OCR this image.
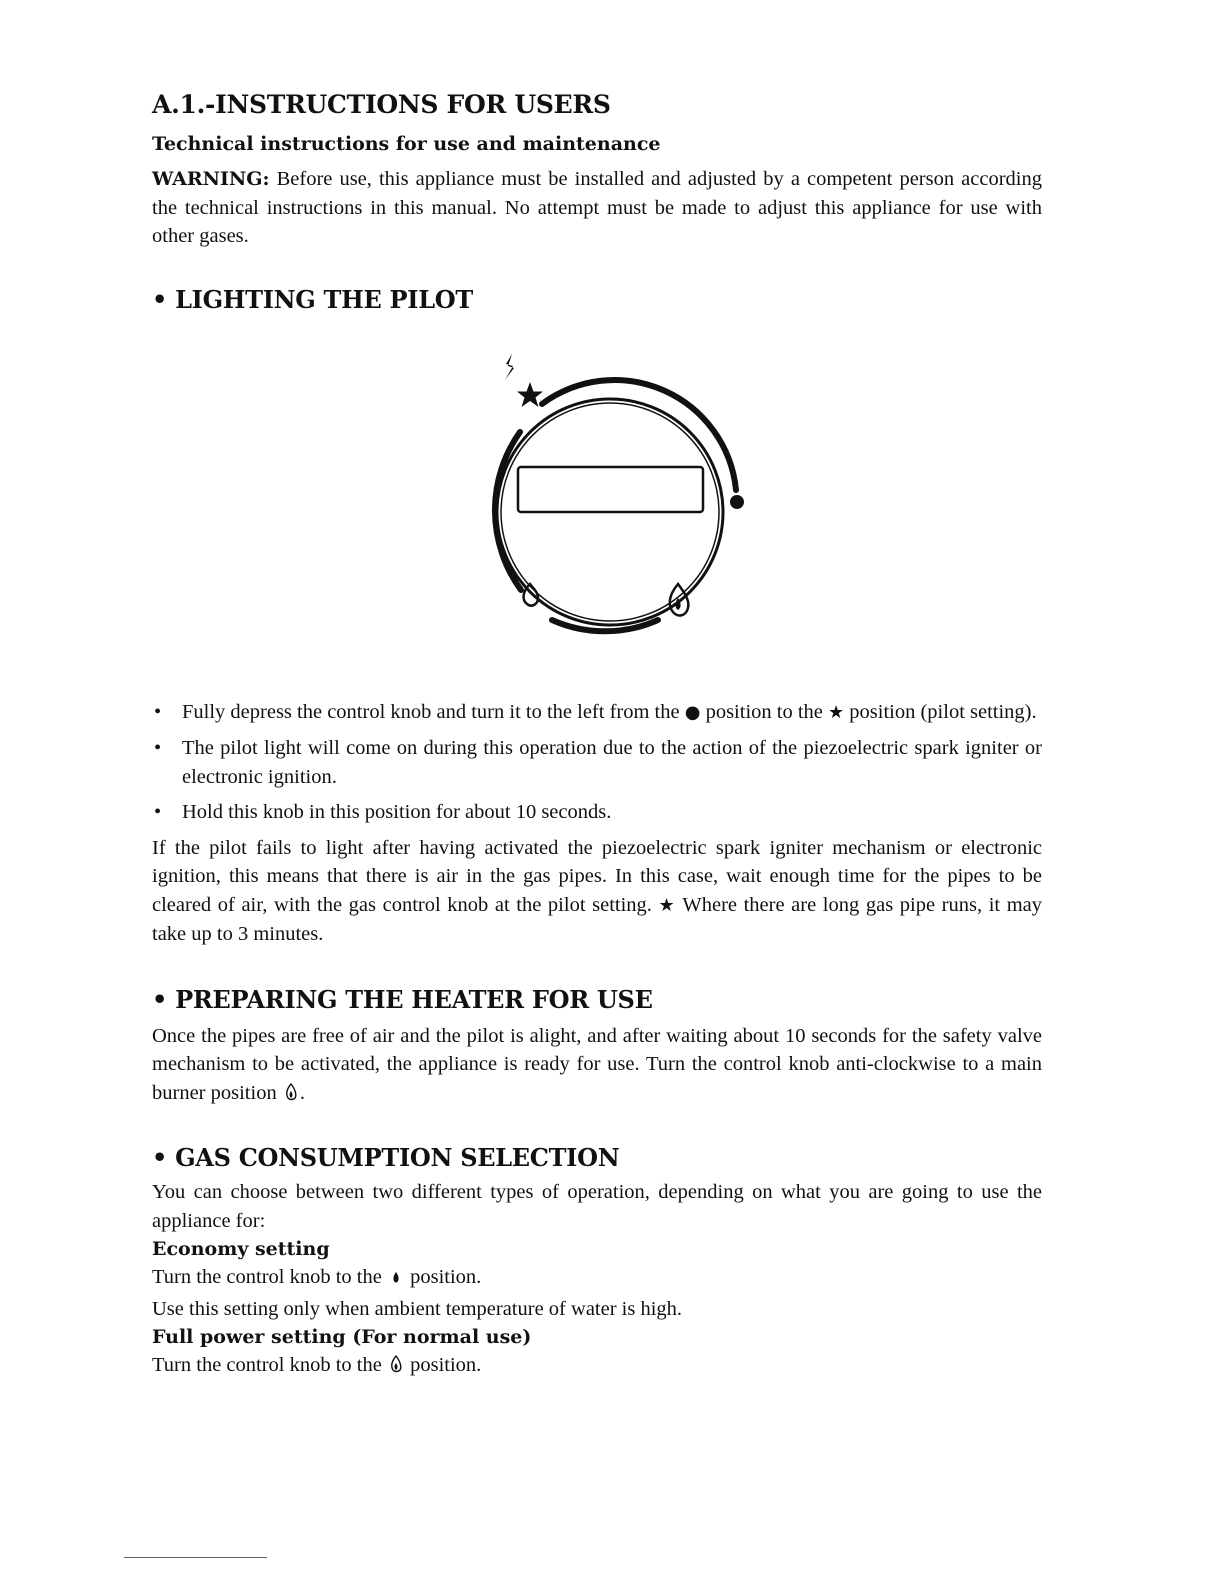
A.1.-INSTRUCTIONS FOR USERS

Technical instructions for use and maintenance

WARNING: Before use, this appliance must be installed and adjusted by a competent person according the technical instructions in this manual. No attempt must be made to adjust this appliance for use with other gases.

• LIGHTING THE PILOT
• Fully depress the control knob and turn it to the left from the ● position to the ★ position (pilot setting).
• The pilot light will come on during this operation due to the action of the piezoelectric spark igniter or electronic ignition.
• Hold this knob in this position for about 10 seconds.

If the pilot fails to light after having activated the piezoelectric spark igniter mechanism or electronic ignition, this means that there is air in the gas pipes. In this case, wait enough time for the pipes to be cleared of air, with the gas control knob at the pilot setting. ★ Where there are long gas pipe runs, it may take up to 3 minutes.

• PREPARING THE HEATER FOR USE

Once the pipes are free of air and the pilot is alight, and after waiting about 10 seconds for the safety valve mechanism to be activated, the appliance is ready for use. Turn the control knob anti-clockwise to a main burner position .

• GAS CONSUMPTION SELECTION

You can choose between two different types of operation, depending on what you are going to use the appliance for:

Economy setting

Turn the control knob to the  position.

Use this setting only when ambient temperature of water is high.

Full power setting (For normal use)

Turn the control knob to the  position.
